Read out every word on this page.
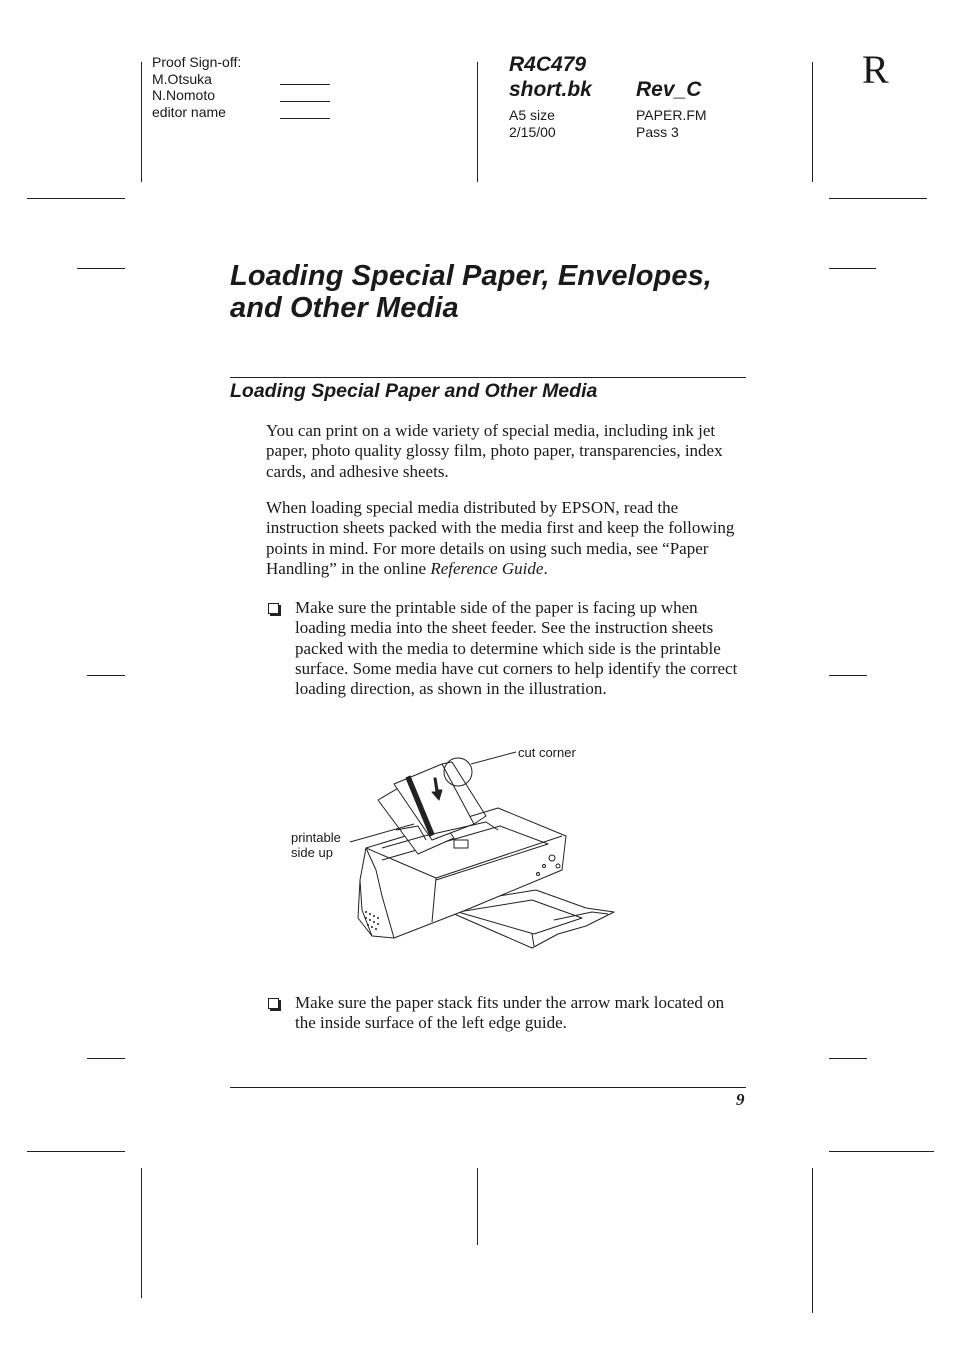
Proof Sign-off:
M.Otsuka
N.Nomoto
editor name
R4C479
short.bk Rev_C
A5 size
2/15/00
PAPER.FM
Pass 3
R
Loading Special Paper, Envelopes,
and Other Media
Loading Special Paper and Other Media
You can print on a wide variety of special media, including ink jet paper, photo quality glossy film, photo paper, transparencies, index cards, and adhesive sheets.
When loading special media distributed by EPSON, read the instruction sheets packed with the media first and keep the following points in mind. For more details on using such media, see “Paper Handling” in the online Reference Guide.
Make sure the printable side of the paper is facing up when loading media into the sheet feeder. See the instruction sheets packed with the media to determine which side is the printable surface. Some media have cut corners to help identify the correct loading direction, as shown in the illustration.
cut corner
printable
side up
Make sure the paper stack fits under the arrow mark located on the inside surface of the left edge guide.
9
